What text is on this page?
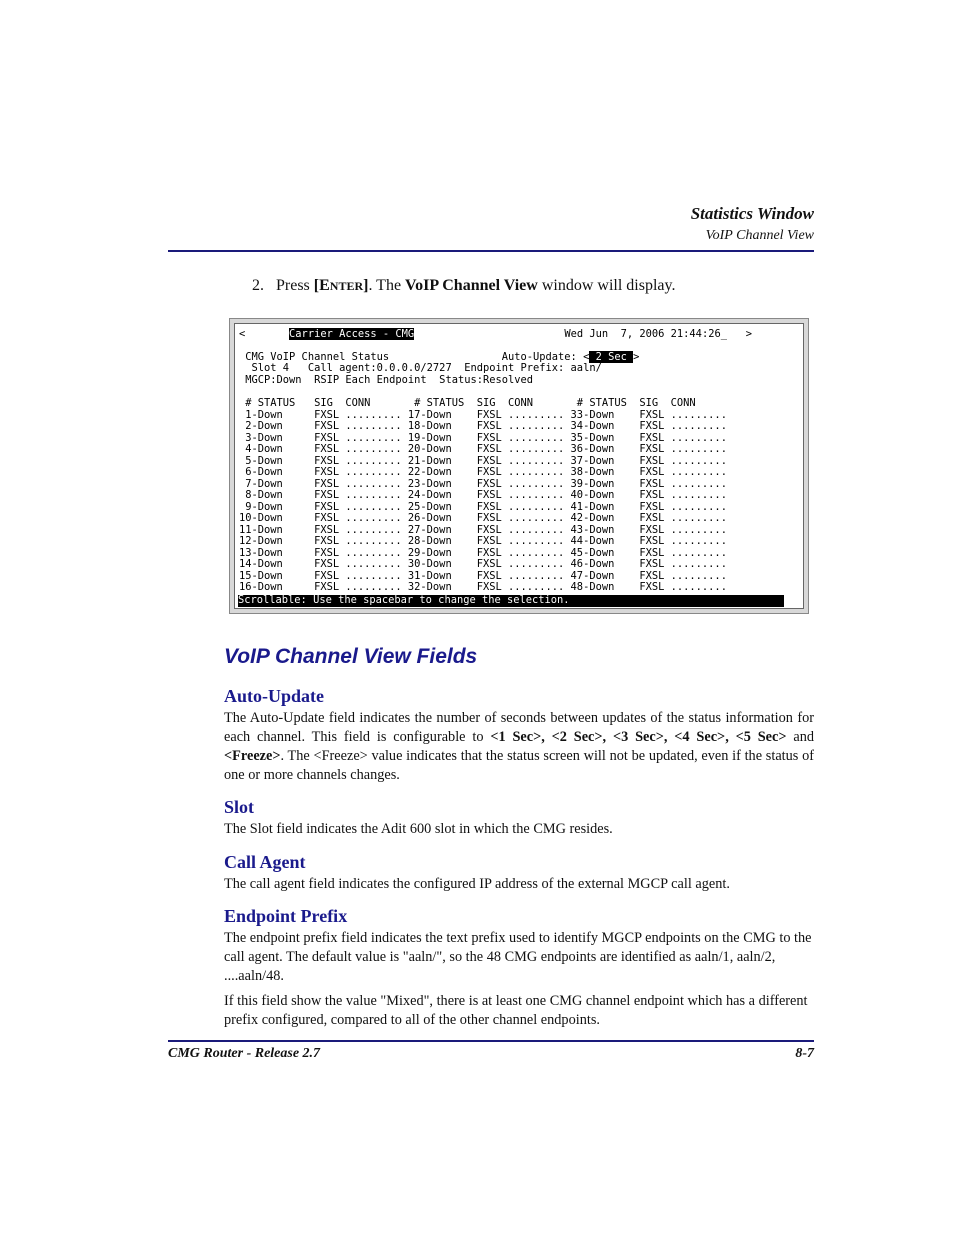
Statistics Window
VoIP Channel View
2. Press [ENTER]. The VoIP Channel View window will display.
<       Carrier Access - CMG	Wed Jun  7, 2006 21:44:26_   >
CMG VoIP Channel Status                  Auto-Update: < 2 Sec >
Slot 4   Call agent:0.0.0.0/2727  Endpoint Prefix: aaln/
MGCP:Down  RSIP Each Endpoint  Status:Resolved
# STATUS   SIG  CONN       # STATUS  SIG  CONN       # STATUS  SIG  CONN
1-Down     FXSL ......... 17-Down    FXSL ......... 33-Down    FXSL .........
2-Down     FXSL ......... 18-Down    FXSL ......... 34-Down    FXSL .........
3-Down     FXSL ......... 19-Down    FXSL ......... 35-Down    FXSL .........
4-Down     FXSL ......... 20-Down    FXSL ......... 36-Down    FXSL .........
5-Down     FXSL ......... 21-Down    FXSL ......... 37-Down    FXSL .........
6-Down     FXSL ......... 22-Down    FXSL ......... 38-Down    FXSL .........
7-Down     FXSL ......... 23-Down    FXSL ......... 39-Down    FXSL .........
8-Down     FXSL ......... 24-Down    FXSL ......... 40-Down    FXSL .........
9-Down     FXSL ......... 25-Down    FXSL ......... 41-Down    FXSL .........
10-Down     FXSL ......... 26-Down    FXSL ......... 42-Down    FXSL .........
11-Down     FXSL ......... 27-Down    FXSL ......... 43-Down    FXSL .........
12-Down     FXSL ......... 28-Down    FXSL ......... 44-Down    FXSL .........
13-Down     FXSL ......... 29-Down    FXSL ......... 45-Down    FXSL .........
14-Down     FXSL ......... 30-Down    FXSL ......... 46-Down    FXSL .........
15-Down     FXSL ......... 31-Down    FXSL ......... 47-Down    FXSL .........
16-Down     FXSL ......... 32-Down    FXSL ......... 48-Down    FXSL .........
Scrollable: Use the spacebar to change the selection.
VoIP Channel View Fields
Auto-Update

The Auto-Update field indicates the number of seconds between updates of the status information for each channel. This field is configurable to <1 Sec>, <2 Sec>, <3 Sec>, <4 Sec>, <5 Sec> and <Freeze>. The <Freeze> value indicates that the status screen will not be updated, even if the status of one or more channels changes.

Slot
The Slot field indicates the Adit 600 slot in which the CMG resides.
Call Agent
The call agent field indicates the configured IP address of the external MGCP call agent.
Endpoint Prefix
The endpoint prefix field indicates the text prefix used to identify MGCP endpoints on the CMG to the call agent. The default value is "aaln/", so the 48 CMG endpoints are identified as aaln/1, aaln/2, ....aaln/48.
If this field show the value "Mixed", there is at least one CMG channel endpoint which has a different prefix configured, compared to all of the other channel endpoints.
CMG Router - Release 2.7	8-7
